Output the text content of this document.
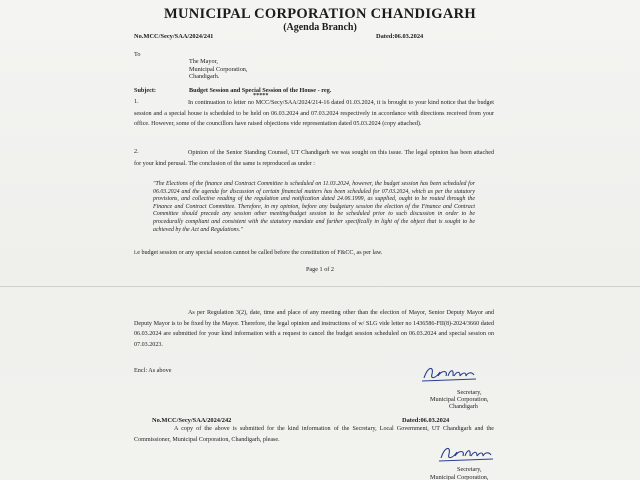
MUNICIPAL CORPORATION CHANDIGARH
(Agenda Branch)
No.MCC/Secy/SAA/2024/241	Dated:06.03.2024
To
The Mayor,
Municipal Corporation,
Chandigarh.
Subject:	Budget Session and Special Session of the House - reg.
*****
1.	In continuation to letter no MCC/Secy/SAA/2024/214-16 dated 01.03.2024, it is brought to your kind notice that the budget session and a special house is scheduled to be held on 06.03.2024 and 07.03.2024 respectively in accordance with directions received from your office. However, some of the councillors have raised objections vide representation dated 05.03.2024 (copy attached).
2.	Opinion of the Senior Standing Counsel, UT Chandigarh we was sought on this issue. The legal opinion has been attached for your kind perusal. The conclusion of the same is reproduced as under :
"The Elections of the finance and Contract Committee is scheduled on 11.03.2024, however, the budget session has been scheduled for 06.03.2024 and the agenda for discussion of certain financial matters has been scheduled for 07.03.2024, which as per the statutory provisions, and collective reading of the regulation and notification dated 24.06.1999, as supplied, ought to be routed through the Finance and Contract Committee. Therefore, in my opinion, before any budgetary session the election of the Finance and Contract Committee should precede any session other meeting/budget session to be scheduled prior to such discussion in order to be procedurally compliant and consistent with the statutory mandate and further specifically in light of the object that is sought to be achieved by the Act and Regulations."
i.e budget session or any special session cannot be called before the constitution of F&CC, as per law.
Page 1 of 2
As per Regulation 3(2), date, time and place of any meeting other than the election of Mayor, Senior Deputy Mayor and Deputy Mayor is to be fixed by the Mayor. Therefore, the legal opinion and instructions of w/ SLG vide letter no 1436586-FII(8)-2024/3660 dated 06.03.2024 are submitted for your kind information with a request to cancel the budget session scheduled on 06.03.2024 and special session on 07.03.2023.
Encl: As above
Secretary,
Municipal Corporation,
Chandigarh
No.MCC/Secy/SAA/2024/242	Dated:06.03.2024
A copy of the above is submitted for the kind information of the Secretary, Local Government, UT Chandigarh and the Commissioner, Municipal Corporation, Chandigarh, please.
Secretary,
Municipal Corporation,
